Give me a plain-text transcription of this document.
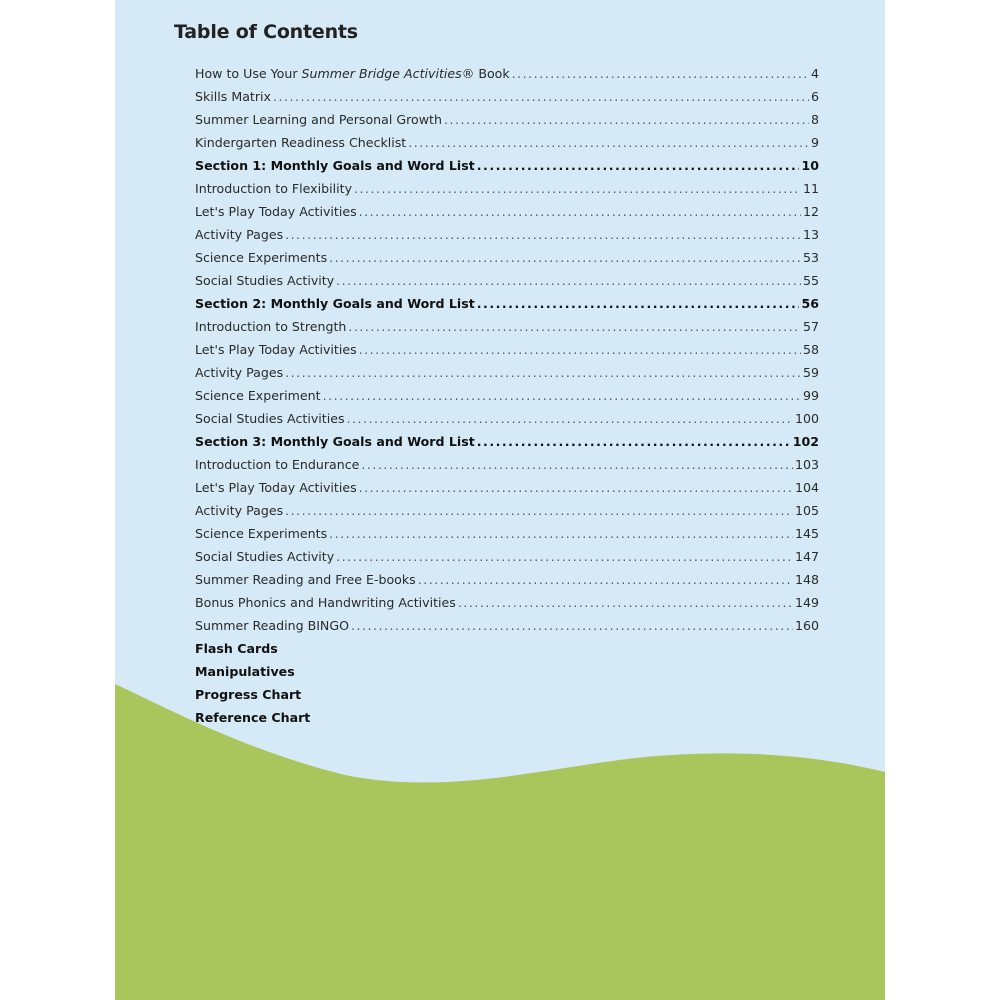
Table of Contents
How to Use Your Summer Bridge Activities® Book .....	4
Skills Matrix .....	6
Summer Learning and Personal Growth .....	8
Kindergarten Readiness Checklist .....	9
Section 1: Monthly Goals and Word List .....	10
Introduction to Flexibility .....	11
Let's Play Today Activities .....	12
Activity Pages .....	13
Science Experiments .....	53
Social Studies Activity .....	55
Section 2: Monthly Goals and Word List .....	56
Introduction to Strength .....	57
Let's Play Today Activities .....	58
Activity Pages .....	59
Science Experiment .....	99
Social Studies Activities .....	100
Section 3: Monthly Goals and Word List .....	102
Introduction to Endurance .....	103
Let's Play Today Activities .....	104
Activity Pages .....	105
Science Experiments .....	145
Social Studies Activity .....	147
Summer Reading and Free E-books .....	148
Bonus Phonics and Handwriting Activities .....	149
Summer Reading BINGO .....	160
Flash Cards
Manipulatives
Progress Chart
Reference Chart
